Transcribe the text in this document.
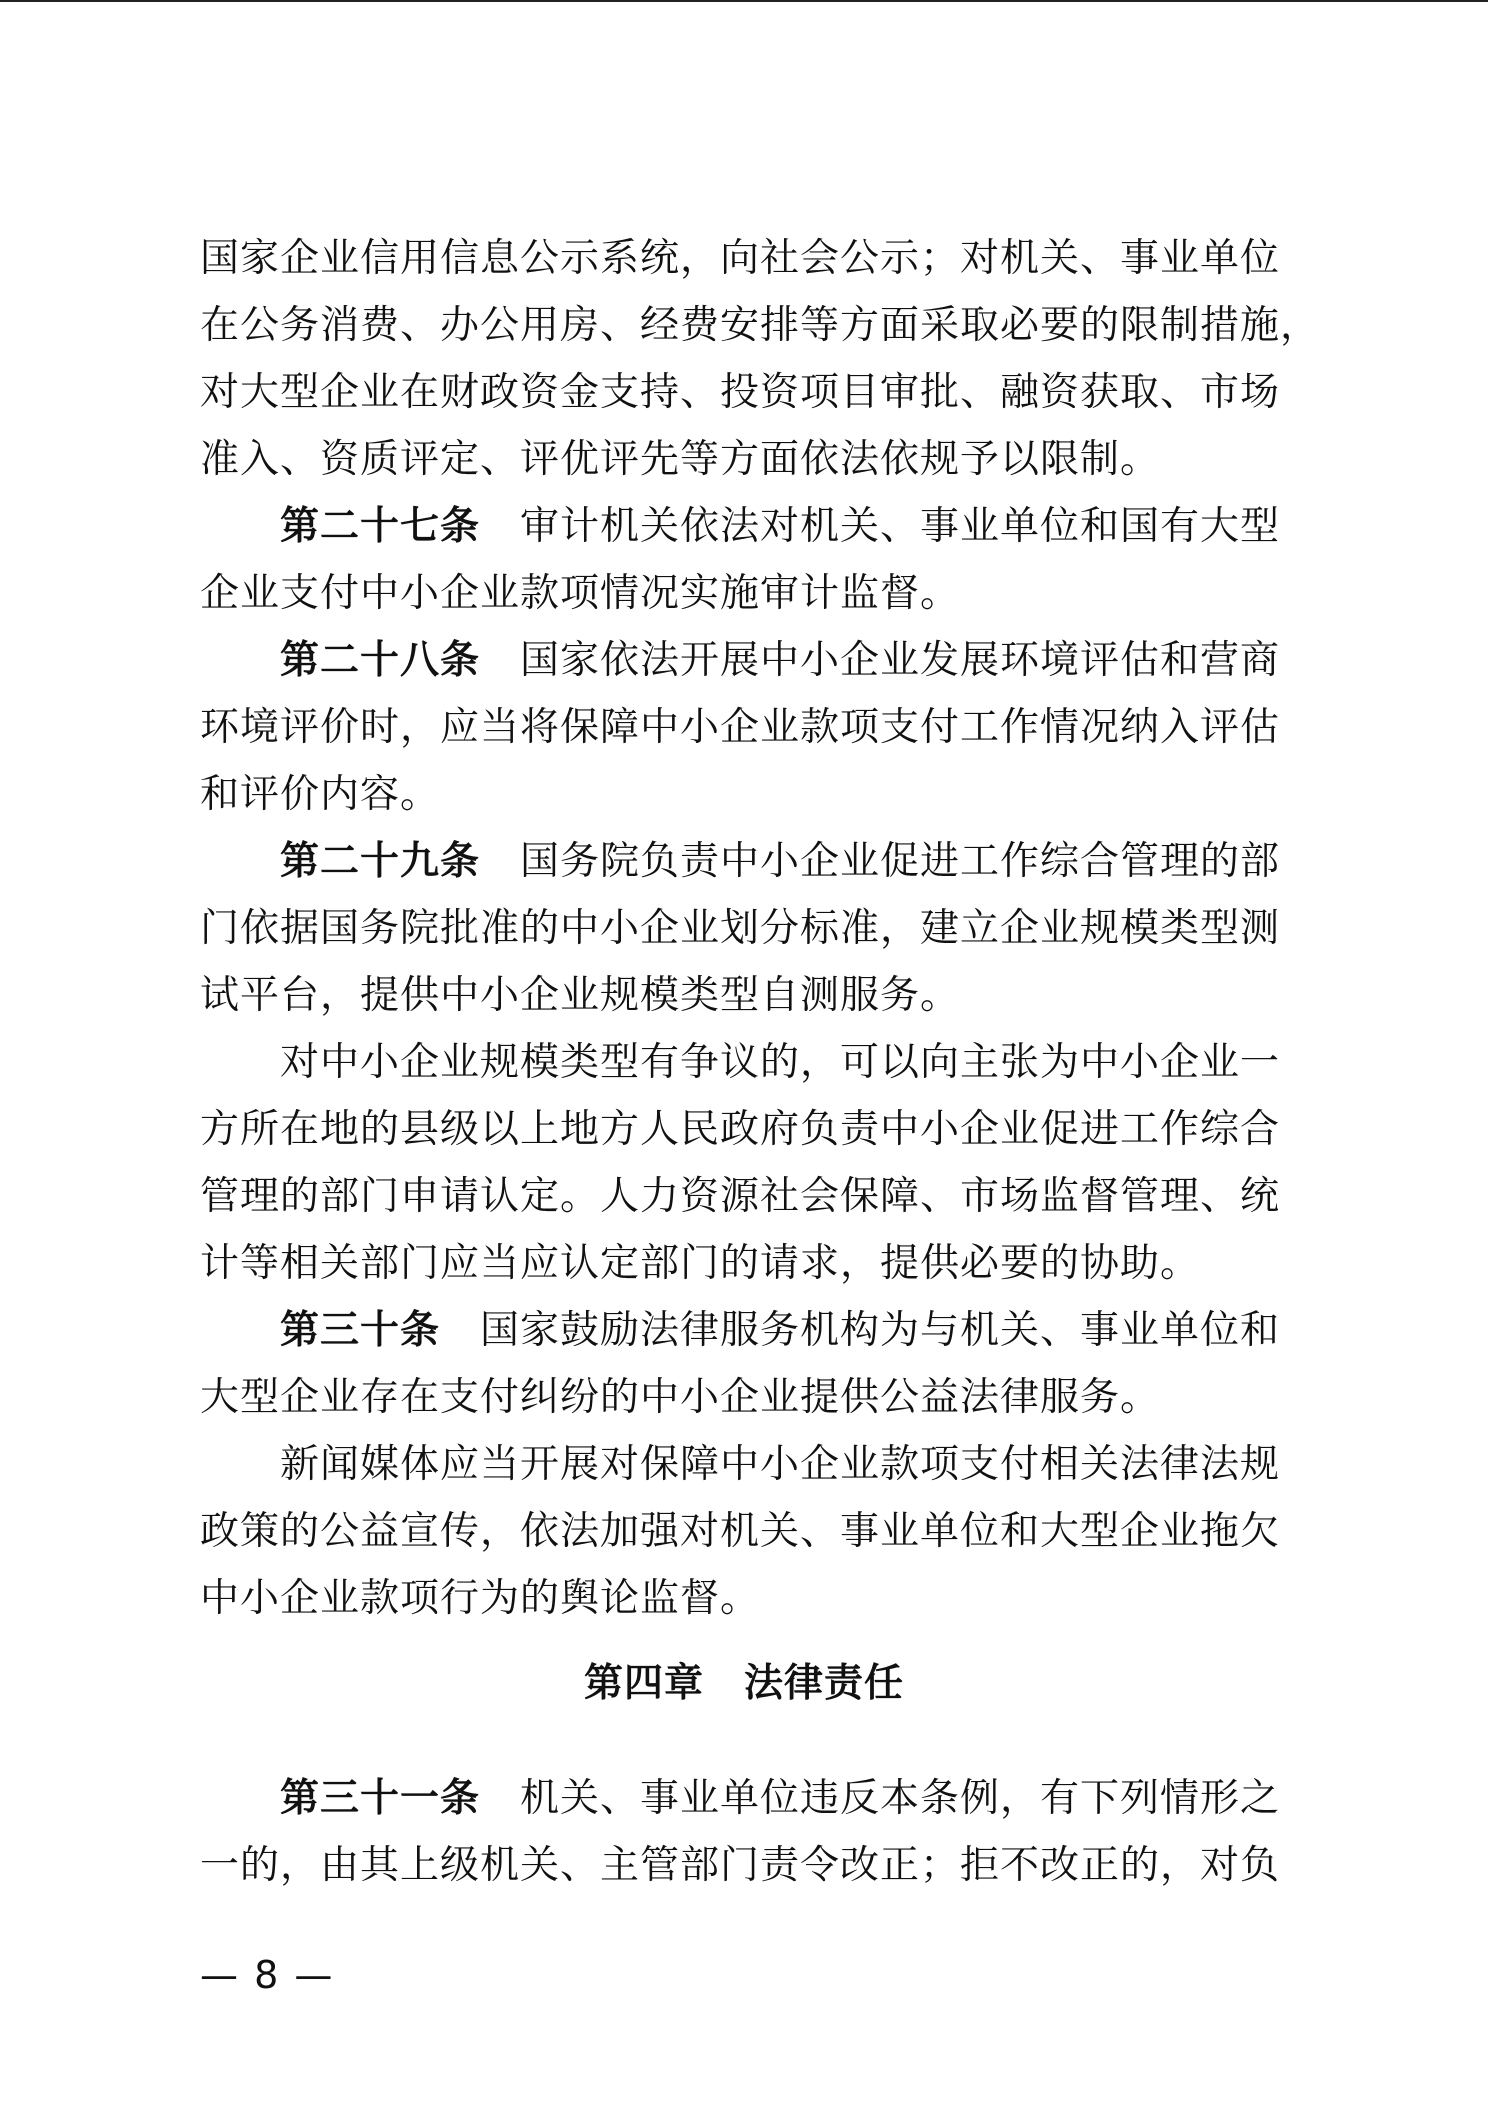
国家企业信用信息公示系统，向社会公示；对机关、事业单位
在公务消费、办公用房、经费安排等方面采取必要的限制措施，
对大型企业在财政资金支持、投资项目审批、融资获取、市场
准入、资质评定、评优评先等方面依法依规予以限制。
第二十七条 审计机关依法对机关、事业单位和国有大型
企业支付中小企业款项情况实施审计监督。
第二十八条 国家依法开展中小企业发展环境评估和营商
环境评价时，应当将保障中小企业款项支付工作情况纳入评估
和评价内容。
第二十九条 国务院负责中小企业促进工作综合管理的部
门依据国务院批准的中小企业划分标准，建立企业规模类型测
试平台，提供中小企业规模类型自测服务。
对中小企业规模类型有争议的，可以向主张为中小企业一
方所在地的县级以上地方人民政府负责中小企业促进工作综合
管理的部门申请认定。人力资源社会保障、市场监督管理、统
计等相关部门应当应认定部门的请求，提供必要的协助。
第三十条 国家鼓励法律服务机构为与机关、事业单位和
大型企业存在支付纠纷的中小企业提供公益法律服务。
新闻媒体应当开展对保障中小企业款项支付相关法律法规
政策的公益宣传，依法加强对机关、事业单位和大型企业拖欠
中小企业款项行为的舆论监督。
第四章 法律责任
第三十一条 机关、事业单位违反本条例，有下列情形之
一的，由其上级机关、主管部门责令改正；拒不改正的，对负
— 8 —
